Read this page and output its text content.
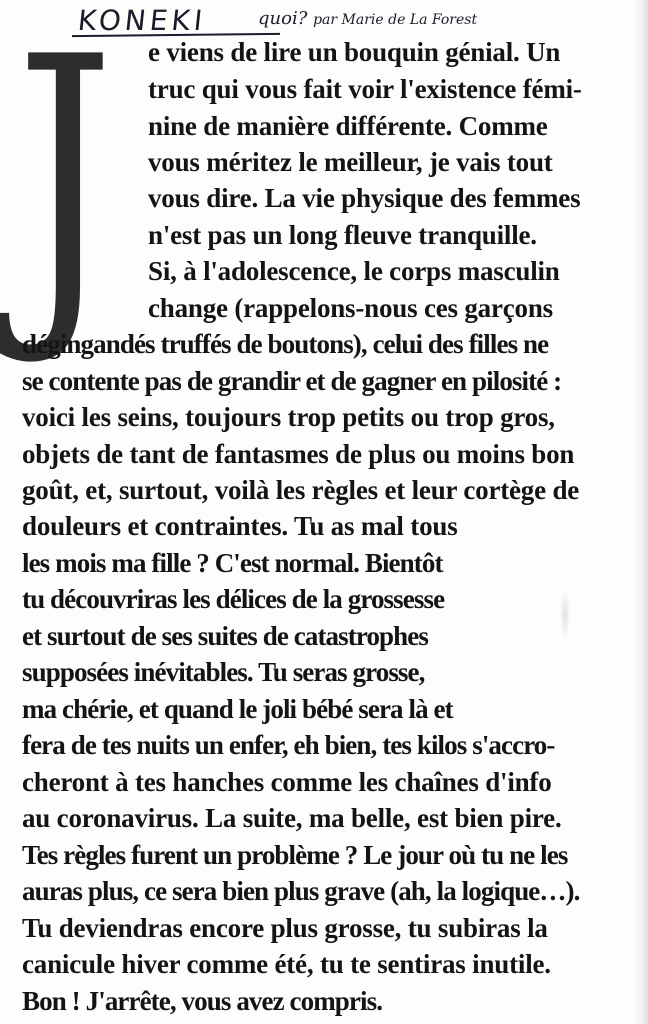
KONEKI	quoi? par Marie de La Forest
J e viens de lire un bouquin génial. Un
truc qui vous fait voir l'existence fémi-
nine de manière différente. Comme
vous méritez le meilleur, je vais tout
vous dire. La vie physique des femmes
n'est pas un long fleuve tranquille.
Si, à l'adolescence, le corps masculin
change (rappelons-nous ces garçons
dégingandés truffés de boutons), celui des filles ne
se contente pas de grandir et de gagner en pilosité :
voici les seins, toujours trop petits ou trop gros,
objets de tant de fantasmes de plus ou moins bon
goût, et, surtout, voilà les règles et leur cortège de
douleurs et contraintes. Tu as mal tous
les mois ma fille ? C'est normal. Bientôt
tu découvriras les délices de la grossesse
et surtout de ses suites de catastrophes
supposées inévitables. Tu seras grosse,
ma chérie, et quand le joli bébé sera là et
fera de tes nuits un enfer, eh bien, tes kilos s'accro-
cheront à tes hanches comme les chaînes d'info
au coronavirus. La suite, ma belle, est bien pire.
Tes règles furent un problème ? Le jour où tu ne les
auras plus, ce sera bien plus grave (ah, la logique…).
Tu deviendras encore plus grosse, tu subiras la
canicule hiver comme été, tu te sentiras inutile.
Bon ! J'arrête, vous avez compris.
